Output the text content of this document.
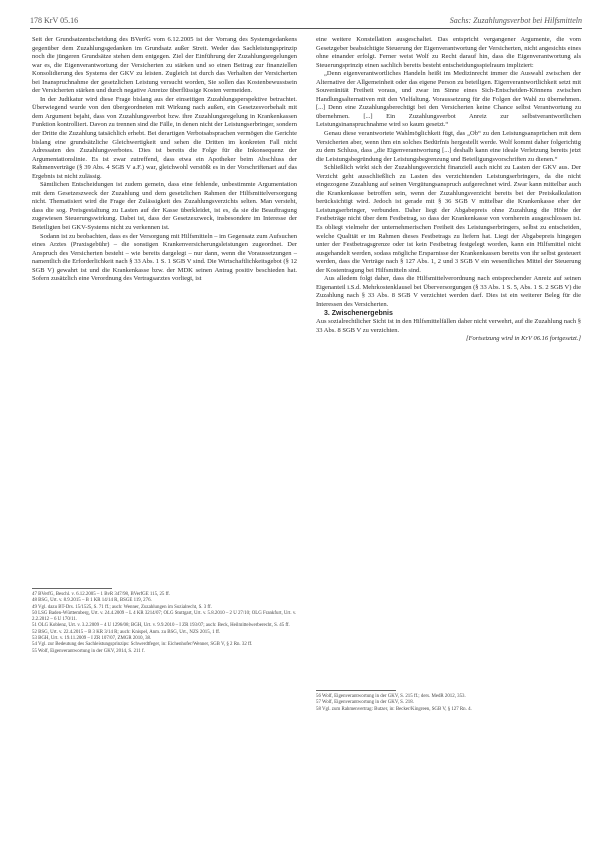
178 KrV 05.16	Sachs: Zuzahlungsverbot bei Hilfsmitteln

Seit der Grundsatzentscheidung des BVerfG vom 6.12.2005 ist der Vorrang des Systemgedankens gegenüber dem Zuzahlungsgedanken im Grundsatz außer Streit. Weder das Sachleistungsprinzip noch die jüngeren Grundsätze stehen dem entgegen. Ziel der Einführung der Zuzahlungsregelungen war es, die Eigenverantwortung der Versicherten zu stärken und so einen Beitrag zur finanziellen Konsolidierung des Systems der GKV zu leisten. Zugleich ist durch das Verhalten der Versicherten bei Inanspruchnahme der gesetzlichen Leistung versucht worden, Sie sollen das Kostenbewusstsein der Versicherten stärken und durch negative Anreize überflüssige Kosten vermeiden.

In der Judikatur wird diese Frage bislang aus der einseitigen Zuzahlungsperspektive betrachtet. Überwiegend wurde von den übergeordneten mit Wirkung nach außen, ein Gesetzesvorbehalt mit dem Argument bejaht, dass von Zuzahlungsverbot bzw. ihre Zuzahlungsregelung in Krankenkassen Funktion kontrolliert. Davon zu trennen sind die Fälle, in denen nicht der Leistungserbringer, sondern der Dritte die Zuzahlung tatsächlich erhebt. Bei derartigen Verbotsabsprachen vermögen die Gerichte bislang eine grundsätzliche Gleichwertigkeit und sehen die Dritten im konkreten Fall nicht Adressaten des Zuzahlungsverbotes. Dies ist bereits die Folge für die Inkonsequenz der Argumentationslinie. Es ist zwar zutreffend, dass etwa ein Apotheker beim Abschluss der Rahmenverträge (§ 39 Abs. 4 SGB V a.F.) war, gleichwohl verstößt es in der Vorschriftenart auf das Ergebnis ist nicht zulässig.

Sämtlichen Entscheidungen ist zudem gemein, dass eine fehlende, unbestimmte Argumentation mit dem Gesetzeszweck der Zuzahlung und dem gesetzlichen Rahmen der Hilfsmittelversorgung nicht. Thematisiert wird die Frage der Zulässigkeit des Zuzahlungsverzichts selten. Man versteht, dass die sog. Preisgestaltung zu Lasten auf der Kasse überkleidet, ist es, da sie die Beauftragung zugewiesen Steuerungswirkung. Dabei ist, dass der Gesetzeszweck, insbesondere im Interesse der Beteiligten bei GKV-Systems nicht zu verkennen ist.

Sodann ist zu beobachten, dass es der Versorgung mit Hilfsmitteln – im Gegensatz zum Aufsuchen eines Arztes (Praxisgebühr) – die sonstigen Krankenversicherungsleistungen zugeordnet. Der Anspruch des Versicherten besteht – wie bereits dargelegt – nur dann, wenn die Voraussetzungen – namentlich die Erforderlichkeit nach § 33 Abs. 1 S. 1 SGB V sind. Die Wirtschaftlichkeitsgebot (§ 12 SGB V) gewahrt ist und die Krankenkasse bzw. der MDK seinen Antrag positiv beschieden hat. Sofern zusätzlich eine Verordnung des Vertragsarztes vorliegt, ist

47 BVerfG, Beschl. v. 6.12.2005 – 1 BvR 347/98, BVerfGE 115, 25 ff.
48 BSG, Urt. v. 8.9.2015 – B 1 KR 14/14 R, BSGE 119, 276.
49 Vgl. dazu BT-Drs. 15/1525, S. 71 ff.; auch: Wenner, Zuzahlungen im Sozialrecht, S. 3 ff.
50 LSG Baden-Württemberg, Urt. v. 24.4.2009 – L 4 KR 3214/07; OLG Stuttgart, Urt. v. 5.8.2010 – 2 U 27/10; OLG Frankfurt, Urt. v. 2.2.2012 – 6 U 170/11.
51 OLG Koblenz, Urt. v. 3.2.2009 – 4 U 1296/08; BGH, Urt. v. 9.9.2010 – I ZR 193/07; auch: Beck, Heilmittelwerberecht, S. 45 ff.
52 BSG, Urt. v. 22.4.2015 – B 3 KR 3/14 R; auch: Knispel, Anm. zu BSG, Urt., NZS 2015, 1 ff.
53 BGH, Urt. v. 19.11.2009 – I ZR 107/07, ZMGR 2010, 38.
54 Vgl. zur Bedeutung des Sachleistungsprinzips: Schwerdtfeger, in: Eichenhofer/Wenner, SGB V, § 2 Rn. 32 ff.
55 Wolf, Eigenverantwortung in der GKV, 2014, S. 211 f.

eine weitere Konstellation ausgeschaltet. Das entspricht vergangener Argumente, die vom Gesetzgeber beabsichtigte Steuerung der Eigenverantwortung der Versicherten, nicht angesichts eines ohne einander erfolgt. Ferner weist Wolf zu Recht darauf hin, dass die Eigenverantwortung als Steuerungsprinzip einen sachlich bereits besteht entscheidungsspielraum impliziert:

„Denn eigenverantwortliches Handeln heißt im Medizinrecht immer die Auswahl zwischen der Alternative der Allgemeinheit oder das eigene Person zu beteiligen. Eigenverantwortlichkeit setzt mit Souveränität Freiheit voraus, und zwar im Sinne eines Sich-Entscheiden-Könnens zwischen Handlungsalternativen mit den Vielfaltung. Voraussetzung für die Folgen der Wahl zu übernehmen. [...] Denn eine Zuzahlungsberechtigt bei den Versicherten keine Chance selbst Verantwortung zu übernehmen. [...] Ein Zuzahlungsverbot Anreiz zur selbstverantwortlichen Leistungsinanspruchnahme wird so kaum gesetzt.“

Genau diese verantwortete Wahlmöglichkeit fügt, das „Ob“ zu den Leistungsansprüchen mit dem Versicherten aber, wenn ihm ein solches Bedürfnis hergestellt werde. Wolf kommt daher folgerichtig zu dem Schluss, dass „die Eigenverantwortung [...] deshalb kann eine ideale Verletzung bereits jetzt die Leistungsbegründung der Leistungsbegrenzung und Beteiligungsvorschriften zu dienen.“

Schließlich wirkt sich der Zuzahlungsverzicht finanziell auch nicht zu Lasten der GKV aus. Der Verzicht geht ausschließlich zu Lasten des verzichtenden Leistungserbringers, da die nicht eingezogene Zuzahlung auf seinen Vergütungsanspruch aufgerechnet wird. Zwar kann mittelbar auch die Krankenkasse betroffen sein, wenn der Zuzahlungsverzicht bereits bei der Preiskalkulation berücksichtigt wird. Jedoch ist gerade mit § 36 SGB V mittelbar die Krankenkasse eher der Leistungserbringer, verbunden. Daher liegt der Abgabepreis ohne Zuzahlung die Höhe der Festbeträge nicht über dem Festbetrag, so dass der Krankenkasse von vornherein ausgeschlossen ist. Es obliegt vielmehr der unternehmerischen Freiheit des Leistungserbringers, selbst zu entscheiden, welche Qualität er im Rahmen dieses Festbetrags zu liefern hat. Liegt der Abgabepreis hingegen unter der Festbetragsgrenze oder ist kein Festbetrag festgelegt worden, kann ein Hilfsmittel nicht ausgehandelt werden, sodass mögliche Ersparnisse der Krankenkassen bereits von ihr selbst gesteuert werden, dass die Verträge nach § 127 Abs. 1, 2 und 3 SGB V ein wesentliches Mittel der Steuerung der Kostentragung bei Hilfsmitteln sind.

Aus alledem folgt daher, dass die Hilfsmittelverordnung nach entsprechender Anreiz auf seinen Eigenanteil i.S.d. Mehrkostenklausel bei Überversorgungen (§ 33 Abs. 1 S. 5, Abs. 1 S. 2 SGB V) die Zuzahlung nach § 33 Abs. 8 SGB V verzichtet werden darf. Dies ist ein weiterer Beleg für die Interessen des Versicherten.

3. Zwischenergebnis

Aus sozialrechtlicher Sicht ist in den Hilfsmittelfällen daher nicht verwehrt, auf die Zuzahlung nach § 33 Abs. 8 SGB V zu verzichten.

[Fortsetzung wird in KrV 06.16 fortgesetzt.]

56 Wolf, Eigenverantwortung in der GKV, S. 215 ff.; ders. MedR 2012, 353.
57 Wolf, Eigenverantwortung in der GKV, S. 218.
58 Vgl. zum Rahmenvertrag: Butzer, in: Becker/Kingreen, SGB V, § 127 Rn. 4.
